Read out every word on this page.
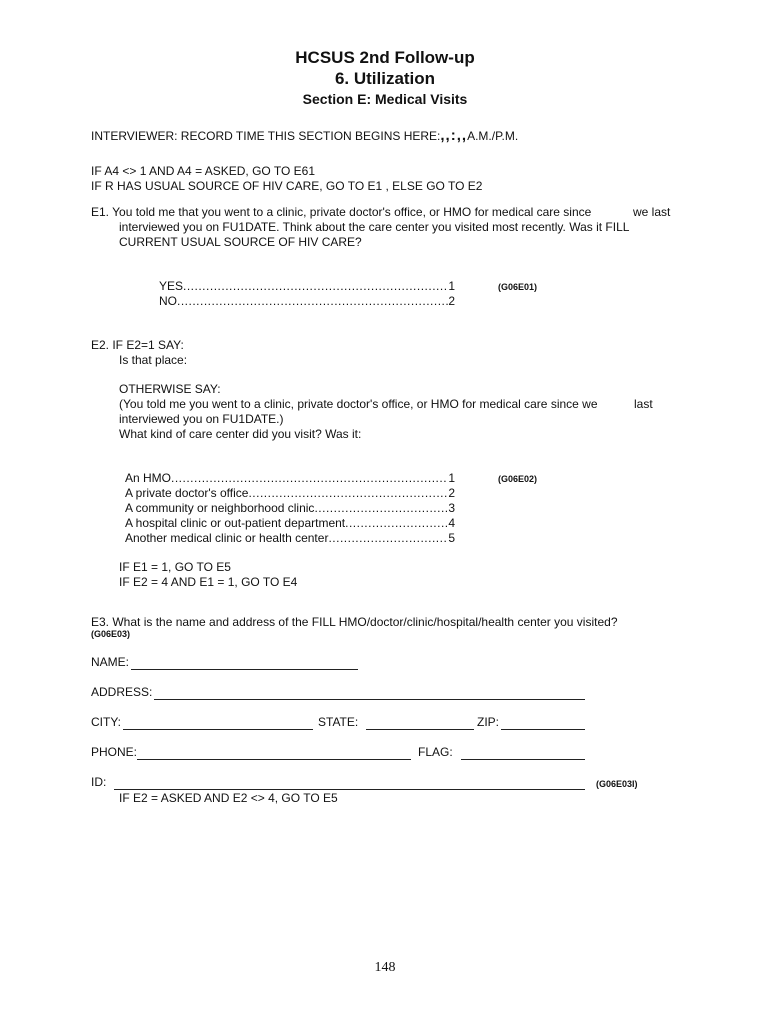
HCSUS 2nd Follow-up
6. Utilization
Section E: Medical Visits
INTERVIEWER: RECORD TIME THIS SECTION BEGINS HERE:,,:,,A.M./P.M.
IF A4 <> 1 AND A4 = ASKED, GO TO E61
IF R HAS USUAL SOURCE OF HIV CARE, GO TO E1 , ELSE GO TO E2
E1. You told me that you went to a clinic, private doctor's office, or HMO for medical care since	we last
interviewed you on FU1DATE. Think about the care center you visited most recently. Was it FILL
CURRENT USUAL SOURCE OF HIV CARE?
YES .....	1
NO .....	2
(G06E01)
E2. IF E2=1 SAY:
Is that place:
OTHERWISE SAY:
(You told me you went to a clinic, private doctor's office, or HMO for medical care since we	last
interviewed you on FU1DATE.)
What kind of care center did you visit? Was it:
An HMO .....	1
A private doctor's office .....	2
A community or neighborhood clinic .....	3
A hospital clinic or out-patient department .....	4
Another medical clinic or health center .....	5
(G06E02)
IF E1 = 1, GO TO E5
IF E2 = 4 AND E1 = 1, GO TO E4
E3. What is the name and address of the FILL HMO/doctor/clinic/hospital/health center you visited?
(G06E03)
NAME:
ADDRESS:
CITY:	STATE:	ZIP:
PHONE:	FLAG:
ID:	(G06E03I)
IF E2 = ASKED AND E2 <> 4, GO TO E5
148
